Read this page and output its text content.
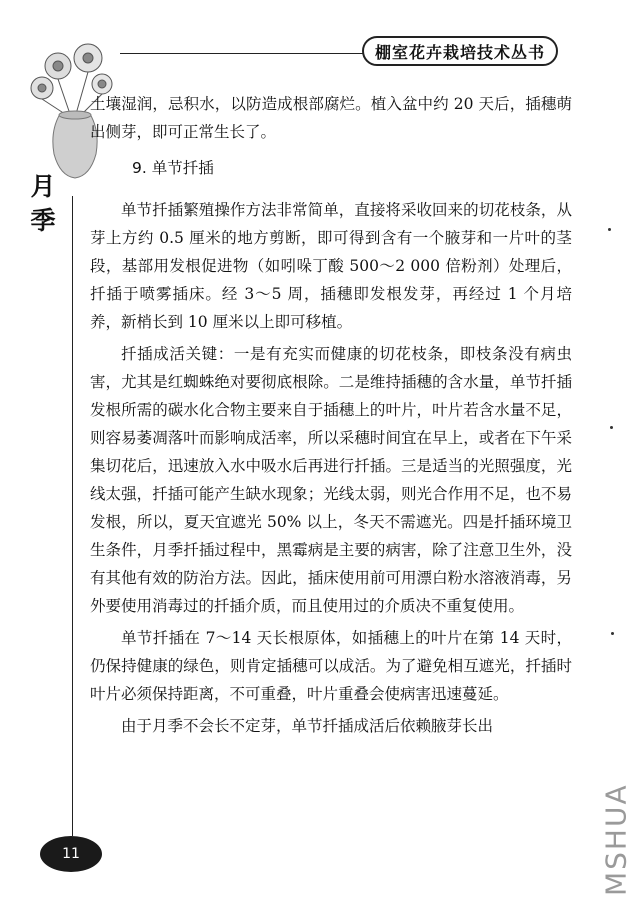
棚室花卉栽培技术丛书
月季

土壤湿润，忌积水，以防造成根部腐烂。植入盆中约 20 天后，插穗萌出侧芽，即可正常生长了。

9. 单节扦插

单节扦插繁殖操作方法非常简单，直接将采收回来的切花枝条，从芽上方约 0.5 厘米的地方剪断，即可得到含有一个腋芽和一片叶的茎段，基部用发根促进物（如吲哚丁酸 500～2 000 倍粉剂）处理后，扦插于喷雾插床。经 3～5 周，插穗即发根发芽，再经过 1 个月培养，新梢长到 10 厘米以上即可移植。

扦插成活关键：一是有充实而健康的切花枝条，即枝条没有病虫害，尤其是红蜘蛛绝对要彻底根除。二是维持插穗的含水量，单节扦插发根所需的碳水化合物主要来自于插穗上的叶片，叶片若含水量不足，则容易萎凋落叶而影响成活率，所以采穗时间宜在早上，或者在下午采集切花后，迅速放入水中吸水后再进行扦插。三是适当的光照强度，光线太强，扦插可能产生缺水现象；光线太弱，则光合作用不足，也不易发根，所以，夏天宜遮光 50% 以上，冬天不需遮光。四是扦插环境卫生条件，月季扦插过程中，黑霉病是主要的病害，除了注意卫生外，没有其他有效的防治方法。因此，插床使用前可用漂白粉水溶液消毒，另外要使用消毒过的扦插介质，而且使用过的介质决不重复使用。

单节扦插在 7～14 天长根原体，如插穗上的叶片在第 14 天时，仍保持健康的绿色，则肯定插穗可以成活。为了避免相互遮光，扦插时叶片必须保持距离，不可重叠，叶片重叠会使病害迅速蔓延。

由于月季不会长不定芽，单节扦插成活后依赖腋芽长出

11	MSHUA
